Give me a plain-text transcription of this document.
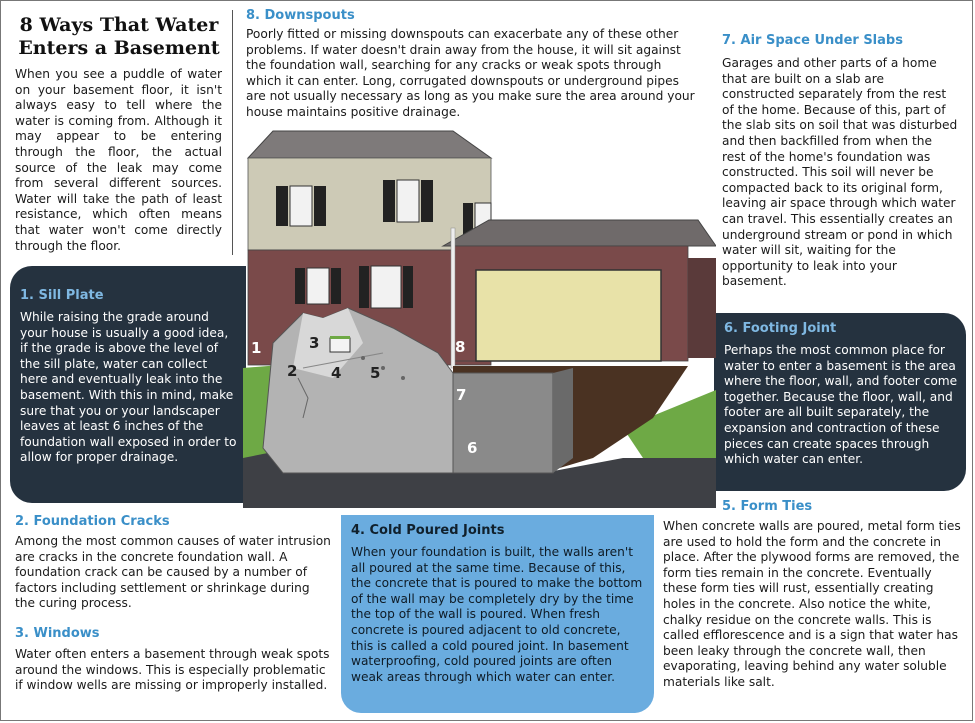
8 Ways That Water
Enters a Basement

When you see a puddle of water on your basement floor, it isn't always easy to tell where the water is coming from. Although it may appear to be entering through the floor, the actual source of the leak may come from several different sources. Water will take the path of least resistance, which often means that water won't come directly through the floor.

8. Downspouts

Poorly fitted or missing downspouts can exacerbate any of these other problems. If water doesn't drain away from the house, it will sit against the foundation wall, searching for any cracks or weak spots through which it can enter. Long, corrugated downspouts or underground pipes are not usually necessary as long as you make sure the area around your house maintains positive drainage.

7. Air Space Under Slabs

Garages and other parts of a home that are built on a slab are constructed separately from the rest of the home. Because of this, part of the slab sits on soil that was disturbed and then backfilled from when the rest of the home's foundation was constructed. This soil will never be compacted back to its original form, leaving air space through which water can travel. This essentially creates an underground stream or pond in which water will sit, waiting for the opportunity to leak into your basement.

1. Sill Plate

While raising the grade around your house is usually a good idea, if the grade is above the level of the sill plate, water can collect here and eventually leak into the basement. With this in mind, make sure that you or your landscaper leaves at least 6 inches of the foundation wall exposed in order to allow for proper drainage.

6. Footing Joint

Perhaps the most common place for water to enter a basement is the area where the floor, wall, and footer come together. Because the floor, wall, and footer are all built separately, the expansion and contraction of these pieces can create spaces through which water can enter.

2. Foundation Cracks

Among the most common causes of water intrusion are cracks in the concrete foundation wall. A foundation crack can be caused by a number of factors including settlement or shrinkage during the curing process.

3. Windows

Water often enters a basement through weak spots around the windows. This is especially problematic if window wells are missing or improperly installed.

4. Cold Poured Joints

When your foundation is built, the walls aren't all poured at the same time. Because of this, the concrete that is poured to make the bottom of the wall may be completely dry by the time the top of the wall is poured. When fresh concrete is poured adjacent to old concrete, this is called a cold poured joint. In basement waterproofing, cold poured joints are often weak areas through which water can enter.

5. Form Ties

When concrete walls are poured, metal form ties are used to hold the form and the concrete in place. After the plywood forms are removed, the form ties remain in the concrete. Eventually these form ties will rust, essentially creating holes in the concrete. Also notice the white, chalky residue on the concrete walls. This is called efflorescence and is a sign that water has been leaky through the concrete wall, then evaporating, leaving behind any water soluble materials like salt.

1
2
3
4 5
6
7
8
